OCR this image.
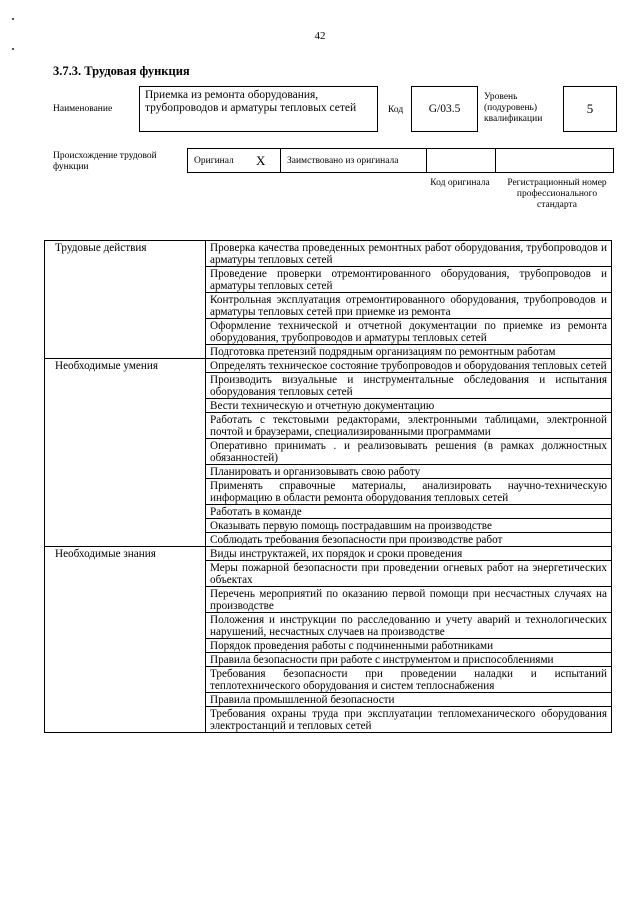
42
3.7.3. Трудовая функция
Наименование
Приемка из ремонта оборудования, трубопроводов и арматуры тепловых сетей	Код G/03.5
Уровень (подуровень) квалификации
5
Происхождение трудовой функции
Оригинал X Заимствовано из оригинала
Код оригинала	Регистрационный номер профессионального стандарта
Трудовые действия	Проверка качества проведенных ремонтных работ оборудования, трубопроводов и арматуры тепловых сетей
	Проведение проверки отремонтированного оборудования, трубопроводов и арматуры тепловых сетей
	Контрольная эксплуатация отремонтированного оборудования, трубопроводов и арматуры тепловых сетей при приемке из ремонта
	Оформление технической и отчетной документации по приемке из ремонта оборудования, трубопроводов и арматуры тепловых сетей
	Подготовка претензий подрядным организациям по ремонтным работам
Необходимые умения	Определять техническое состояние трубопроводов и оборудования тепловых сетей
	Производить визуальные и инструментальные обследования и испытания оборудования тепловых сетей
	Вести техническую и отчетную документацию
	Работать с текстовыми редакторами, электронными таблицами, электронной почтой и браузерами, специализированными программами
	Оперативно принимать . и реализовывать решения (в рамках должностных обязанностей)
	Планировать и организовывать свою работу
	Применять справочные материалы, анализировать научно-техническую информацию в области ремонта оборудования тепловых сетей
	Работать в команде
	Оказывать первую помощь пострадавшим на производстве
	Соблюдать требования безопасности при производстве работ
Необходимые знания	Виды инструктажей, их порядок и сроки проведения
	Меры пожарной безопасности при проведении огневых работ на энергетических объектах
	Перечень мероприятий по оказанию первой помощи при несчастных случаях на производстве
	Положения и инструкции по расследованию и учету аварий и технологических нарушений, несчастных случаев на производстве
	Порядок проведения работы с подчиненными работниками
	Правила безопасности при работе с инструментом и приспособлениями
	Требования безопасности при проведении наладки и испытаний теплотехнического оборудования и систем теплоснабжения
	Правила промышленной безопасности
	Требования охраны труда при эксплуатации тепломеханического оборудования электростанций и тепловых сетей
